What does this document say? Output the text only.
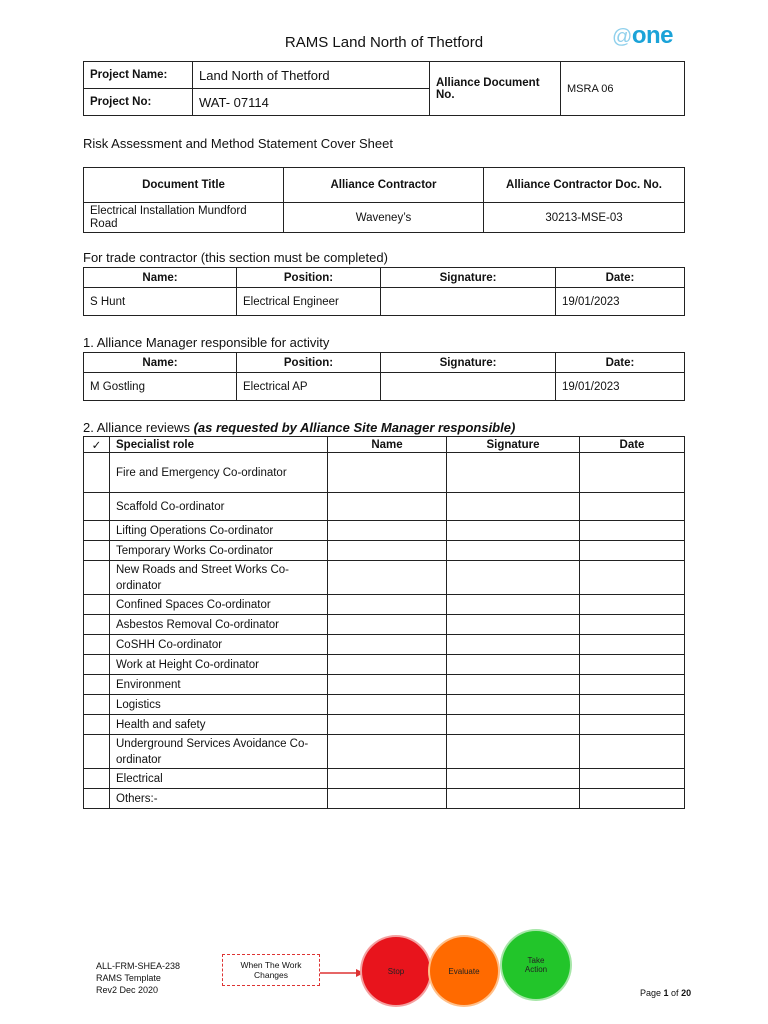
RAMS Land North of Thetford	@one
Project Name:	Land North of Thetford	Alliance Document No.	MSRA 06
Project No:	WAT- 07114		
Risk Assessment and Method Statement Cover Sheet
Document Title	Alliance Contractor	Alliance Contractor Doc. No.
Electrical Installation Mundford Road	Waveney’s	30213-MSE-03
For trade contractor (this section must be completed)
Name:	Position:	Signature:	Date:
S Hunt	Electrical Engineer		19/01/2023
1. Alliance Manager responsible for activity
Name:	Position:	Signature:	Date:
M Gostling	Electrical AP		19/01/2023
2. Alliance reviews (as requested by Alliance Site Manager responsible)
✓	Specialist role	Name	Signature	Date
	Fire and Emergency Co-ordinator			
	Scaffold Co-ordinator			
	Lifting Operations Co-ordinator			
	Temporary Works Co-ordinator			
	New Roads and Street Works Co-ordinator			
	Confined Spaces Co-ordinator			
	Asbestos Removal Co-ordinator			
	CoSHH Co-ordinator			
	Work at Height Co-ordinator			
	Environment			
	Logistics			
	Health and safety			
	Underground Services Avoidance Co-ordinator			
	Electrical			
	Others:-			
ALL-FRM-SHEA-238
RAMS Template
Rev2 Dec 2020
When The Work Changes	Stop	Evaluate
Take Action
Page 1 of 20
